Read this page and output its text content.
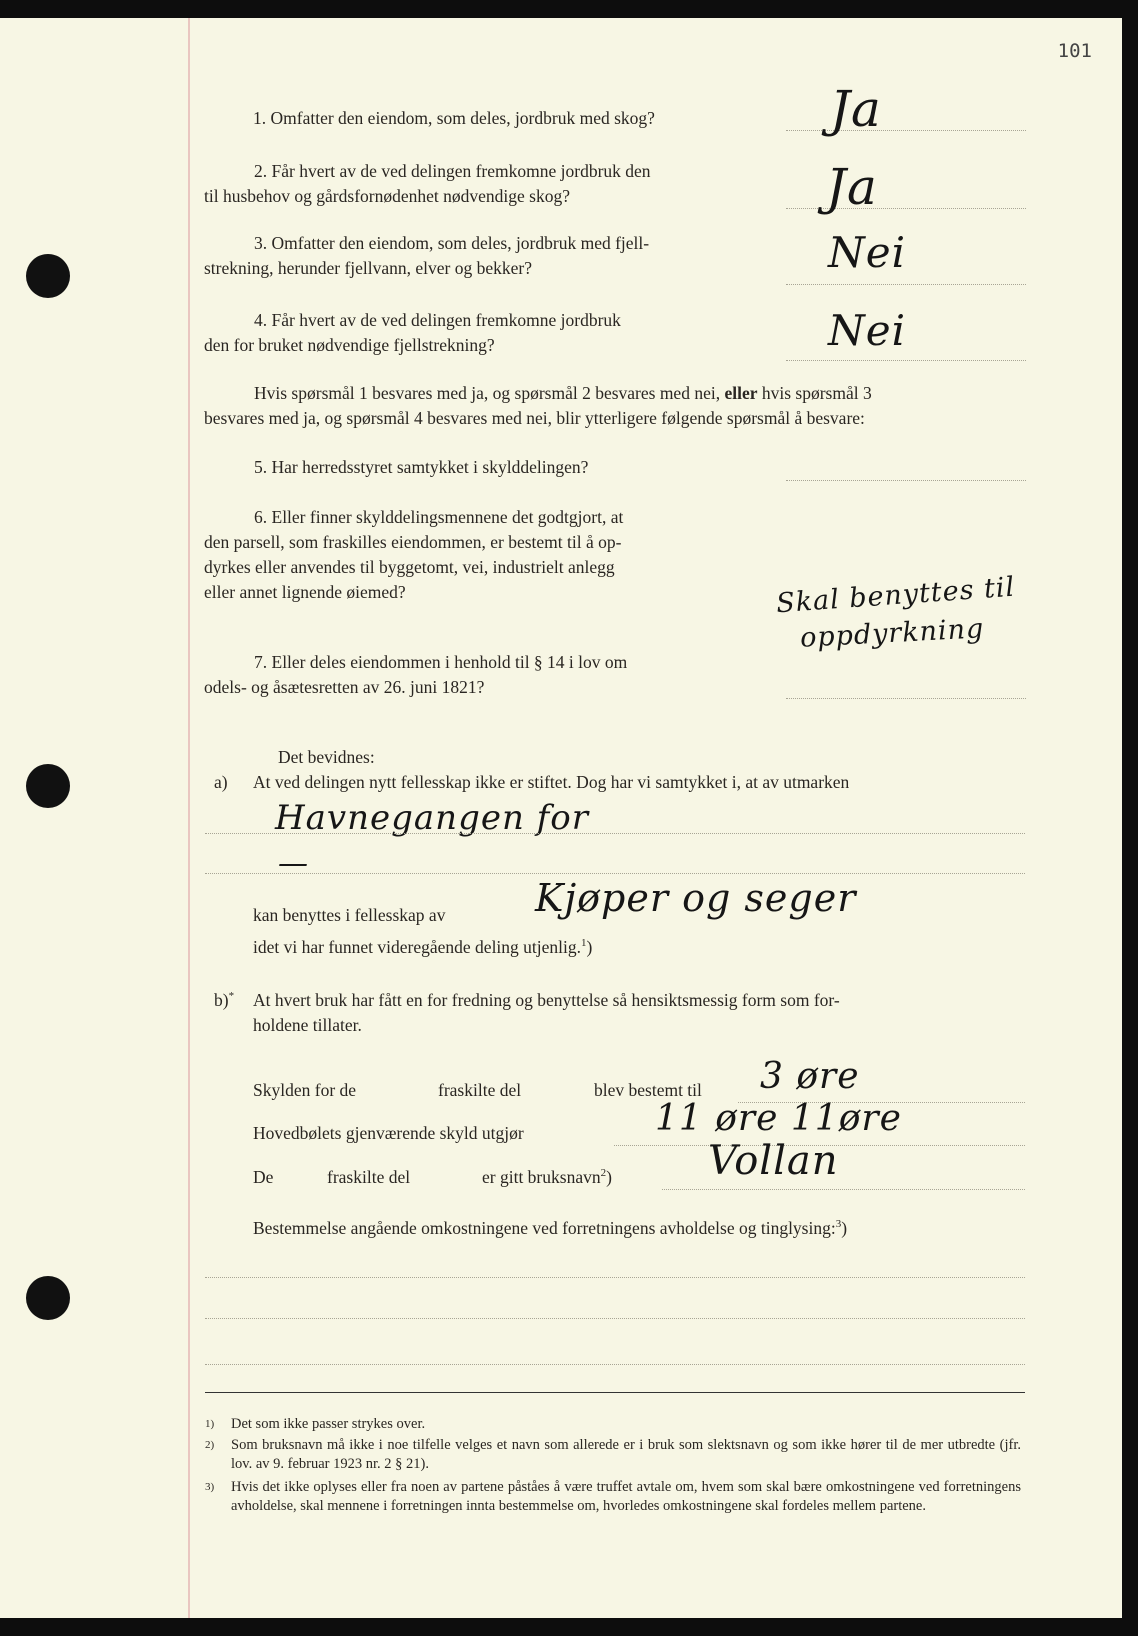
101
1. Omfatter den eiendom, som deles, jordbruk med skog?	Ja
2. Får hvert av de ved delingen fremkomne jordbruk den
til husbehov og gårdsfornødenhet nødvendige skog?	Ja
3. Omfatter den eiendom, som deles, jordbruk med fjell-
strekning, herunder fjellvann, elver og bekker?	Nei
4. Får hvert av de ved delingen fremkomne jordbruk
den for bruket nødvendige fjellstrekning?	Nei
Hvis spørsmål 1 besvares med ja, og spørsmål 2 besvares med nei, eller hvis spørsmål 3
besvares med ja, og spørsmål 4 besvares med nei, blir ytterligere følgende spørsmål å besvare:
5. Har herredsstyret samtykket i skylddelingen?
6. Eller finner skylddelingsmennene det godtgjort, at
den parsell, som fraskilles eiendommen, er bestemt til å op-
dyrkes eller anvendes til byggetomt, vei, industrielt anlegg
eller annet lignende øiemed?	Skal benyttes til
oppdyrkning
7. Eller deles eiendommen i henhold til § 14 i lov om
odels- og åsætesretten av 26. juni 1821?
Det bevidnes:
a) At ved delingen nytt fellesskap ikke er stiftet. Dog har vi samtykket i, at av utmarken
Havnegangen for
—
kan benyttes i fellesskap av Kjøper og seger
idet vi har funnet videregående deling utjenlig.$^1$)
b)* At hvert bruk har fått en for fredning og benyttelse så hensiktsmessig form som for-
holdene tillater.
Skylden for de	fraskilte del	blev bestemt til 3 øre
Hovedbølets gjenværende skyld utgjør	11 øre 11øre
De	fraskilte del	er gitt bruksnavn$^2$) Vollan
Bestemmelse angående omkostningene ved forretningens avholdelse og tinglysing:$^3$)
1) Det som ikke passer strykes over.
2) Som bruksnavn må ikke i noe tilfelle velges et navn som allerede er i bruk som slektsnavn og som ikke hører til de mer utbredte (jfr. lov. av 9. februar 1923 nr. 2 § 21).
3) Hvis det ikke oplyses eller fra noen av partene påståes å være truffet avtale om, hvem som skal bære omkostningene ved forretningens avholdelse, skal mennene i forretningen innta bestemmelse om, hvorledes omkostningene skal fordeles mellem partene.
